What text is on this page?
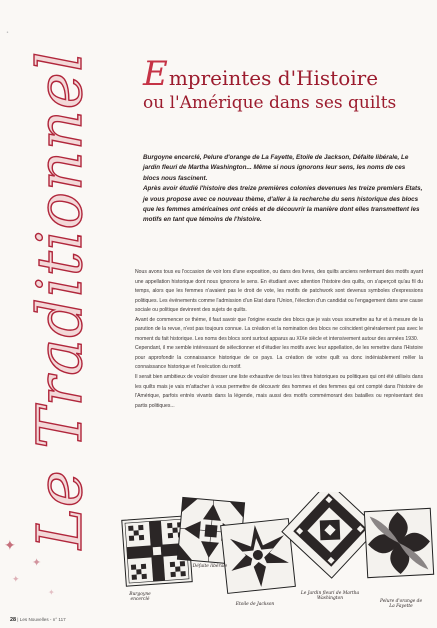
Le Traditionnel
✦
✦
✦
✦
•
Empreintes d'Histoire
ou l'Amérique dans ses quilts

Burgoyne encerclé, Pelure d'orange de La Fayette, Etoile de Jackson, Défaite libérale, Le jardin fleuri de Martha Washington... Même si nous ignorons leur sens, les noms de ces blocs nous fascinent.

Après avoir étudié l'histoire des treize premières colonies devenues les treize premiers Etats, je vous propose avec ce nouveau thème, d'aller à la recherche du sens historique des blocs que les femmes américaines ont créés et de découvrir la manière dont elles transmettent les motifs en tant que témoins de l'histoire.

Nous avons tous eu l'occasion de voir lors d'une exposition, ou dans des livres, des quilts anciens renfermant des motifs ayant une appellation historique dont nous ignorons le sens. En étudiant avec attention l'histoire des quilts, on s'aperçoit qu'au fil du temps, alors que les femmes n'avaient pas le droit de vote, les motifs de patchwork sont devenus symboles d'expressions politiques. Les événements comme l'admission d'un Etat dans l'Union, l'élection d'un candidat ou l'engagement dans une cause sociale ou politique devinrent des sujets de quilts.

Avant de commencer ce thème, il faut savoir que l'origine exacte des blocs que je vais vous soumettre au fur et à mesure de la parution de la revue, n'est pas toujours connue. La création et la nomination des blocs ne coïncident généralement pas avec le moment du fait historique. Les noms des blocs sont surtout apparus au XIXe siècle et intensivement autour des années 1930.

Cependant, il me semble intéressant de sélectionner et d'étudier les motifs avec leur appellation, de les remettre dans l'Histoire pour approfondir la connaissance historique de ce pays. La création de votre quilt va donc indéniablement mêler la connaissance historique et l'exécution du motif.

Il serait bien ambitieux de vouloir dresser une liste exhaustive de tous les titres historiques ou politiques qui ont été utilisés dans les quilts mais je vais m'attacher à vous permettre de découvrir des hommes et des femmes qui ont compté dans l'histoire de l'Amérique, parfois entrés vivants dans la légende, mais aussi des motifs commémorant des batailles ou représentant des partis politiques...

Burgoyne encerclé
Défaite libérale
Etoile de Jackson
Le Jardin fleuri de Martha Washington
Pelure d'orange de La Fayette
28 | Les Nouvelles - n° 117
